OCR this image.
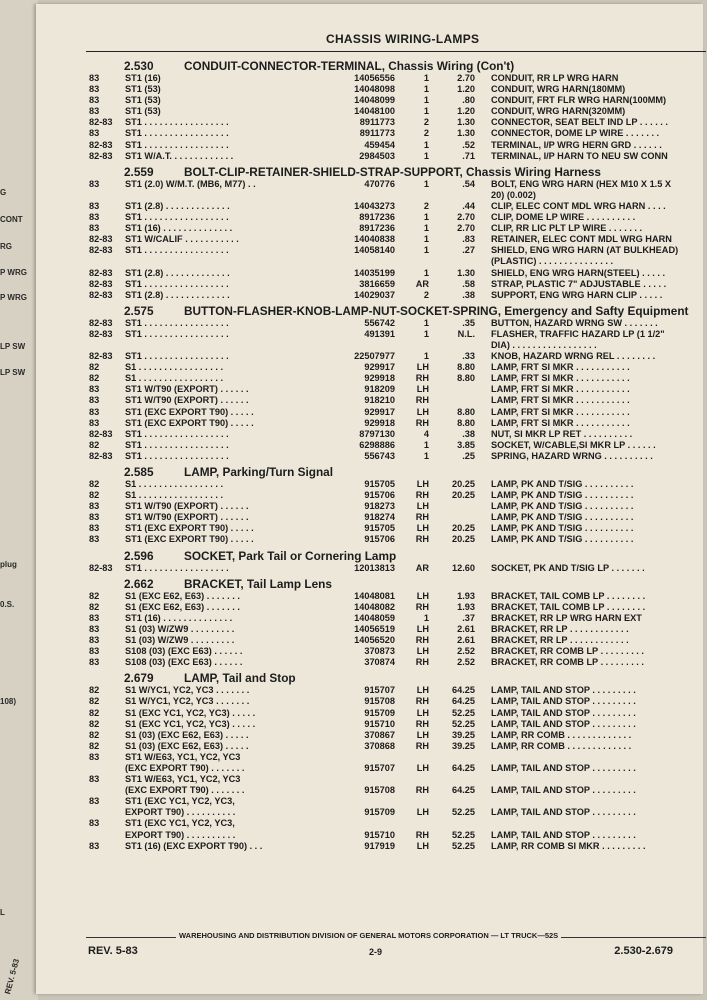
G
CONT
RG
P WRG
P WRG
LP SW
LP SW
plug
0.S.
108)
L
REV. 5-83
CHASSIS WIRING-LAMPS
2.530	CONDUIT-CONNECTOR-TERMINAL, Chassis Wiring (Con't)
83	ST1 (16)	14056556	1	2.70	CONDUIT, RR LP WRG HARN
83	ST1 (53)	14048098	1	1.20	CONDUIT, WRG HARN(180MM)
83	ST1 (53)	14048099	1	.80	CONDUIT, FRT FLR WRG HARN(100MM)
83	ST1 (53)	14048100	1	1.20	CONDUIT, WRG HARN(320MM)
82-83	ST1 . . . . . . . . . . . . . . . . .	8911773	2	1.30	CONNECTOR, SEAT BELT IND LP . . . . . .
83	ST1 . . . . . . . . . . . . . . . . .	8911773	2	1.30	CONNECTOR, DOME LP WIRE . . . . . . .
82-83	ST1 . . . . . . . . . . . . . . . . .	459454	1	.52	TERMINAL, I/P WRG HERN GRD . . . . . .
82-83	ST1 W/A.T. . . . . . . . . . . . .	2984503	1	.71	TERMINAL, I/P HARN TO NEU SW CONN
2.559	BOLT-CLIP-RETAINER-SHIELD-STRAP-SUPPORT, Chassis Wiring Harness
83	ST1 (2.0) W/M.T. (MB6, M77) . .	470776	1	.54	BOLT, ENG WRG HARN (HEX M10 X 1.5 X
20) (0.002)
83	ST1 (2.8) . . . . . . . . . . . . .	14043273	2	.44	CLIP, ELEC CONT MDL WRG HARN . . . .
83	ST1 . . . . . . . . . . . . . . . . .	8917236	1	2.70	CLIP, DOME LP WIRE . . . . . . . . . .
83	ST1 (16) . . . . . . . . . . . . . .	8917236	1	2.70	CLIP, RR LIC PLT LP WIRE . . . . . . .
82-83	ST1 W/CALIF . . . . . . . . . . .	14040838	1	.83	RETAINER, ELEC CONT MDL WRG HARN
82-83	ST1 . . . . . . . . . . . . . . . . .	14058140	1	.27	SHIELD, ENG WRG HARN (AT BULKHEAD)
(PLASTIC) . . . . . . . . . . . . . . .
82-83	ST1 (2.8) . . . . . . . . . . . . .	14035199	1	1.30	SHIELD, ENG WRG HARN(STEEL) . . . . .
82-83	ST1 . . . . . . . . . . . . . . . . .	3816659	AR	.58	STRAP, PLASTIC 7" ADJUSTABLE . . . . .
82-83	ST1 (2.8) . . . . . . . . . . . . .	14029037	2	.38	SUPPORT, ENG WRG HARN CLIP . . . . .
2.575	BUTTON-FLASHER-KNOB-LAMP-NUT-SOCKET-SPRING, Emergency and Safty Equipment
82-83	ST1 . . . . . . . . . . . . . . . . .	556742	1	.35	BUTTON, HAZARD WRNG SW . . . . . . .
82-83	ST1 . . . . . . . . . . . . . . . . .	491391	1	N.L.	FLASHER, TRAFFIC HAZARD LP (1 1/2"
DIA) . . . . . . . . . . . . . . . . .
82-83	ST1 . . . . . . . . . . . . . . . . .	22507977	1	.33	KNOB, HAZARD WRNG REL . . . . . . . .
82	S1 . . . . . . . . . . . . . . . . .	929917	LH	8.80	LAMP, FRT SI MKR . . . . . . . . . . .
82	S1 . . . . . . . . . . . . . . . . .	929918	RH	8.80	LAMP, FRT SI MKR . . . . . . . . . . .
83	ST1 W/T90 (EXPORT) . . . . . .	918209	LH	LAMP, FRT SI MKR . . . . . . . . . . .
83	ST1 W/T90 (EXPORT) . . . . . .	918210	RH	LAMP, FRT SI MKR . . . . . . . . . . .
83	ST1 (EXC EXPORT T90) . . . . .	929917	LH	8.80	LAMP, FRT SI MKR . . . . . . . . . . .
83	ST1 (EXC EXPORT T90) . . . . .	929918	RH	8.80	LAMP, FRT SI MKR . . . . . . . . . . .
82-83	ST1 . . . . . . . . . . . . . . . . .	8797130	4	.38	NUT, SI MKR LP RET . . . . . . . . . .
82	ST1 . . . . . . . . . . . . . . . . .	6298886	1	3.85	SOCKET, W/CABLE,SI MKR LP . . . . . .
82-83	ST1 . . . . . . . . . . . . . . . . .	556743	1	.25	SPRING, HAZARD WRNG . . . . . . . . . .
2.585	LAMP, Parking/Turn Signal
82	S1 . . . . . . . . . . . . . . . . .	915705	LH	20.25	LAMP, PK AND T/SIG . . . . . . . . . .
82	S1 . . . . . . . . . . . . . . . . .	915706	RH	20.25	LAMP, PK AND T/SIG . . . . . . . . . .
83	ST1 W/T90 (EXPORT) . . . . . .	918273	LH	LAMP, PK AND T/SIG . . . . . . . . . .
83	ST1 W/T90 (EXPORT) . . . . . .	918274	RH	LAMP, PK AND T/SIG . . . . . . . . . .
83	ST1 (EXC EXPORT T90) . . . . .	915705	LH	20.25	LAMP, PK AND T/SIG . . . . . . . . . .
83	ST1 (EXC EXPORT T90) . . . . .	915706	RH	20.25	LAMP, PK AND T/SIG . . . . . . . . . .
2.596	SOCKET, Park Tail or Cornering Lamp
82-83	ST1 . . . . . . . . . . . . . . . . .	12013813	AR	12.60	SOCKET, PK AND T/SIG LP . . . . . . .
2.662	BRACKET, Tail Lamp Lens
82	S1 (EXC E62, E63) . . . . . . .	14048081	LH	1.93	BRACKET, TAIL COMB LP . . . . . . . .
82	S1 (EXC E62, E63) . . . . . . .	14048082	RH	1.93	BRACKET, TAIL COMB LP . . . . . . . .
83	ST1 (16) . . . . . . . . . . . . . .	14048059	1	.37	BRACKET, RR LP WRG HARN EXT
83	S1 (03) W/ZW9 . . . . . . . . .	14056519	LH	2.61	BRACKET, RR LP . . . . . . . . . . . .
83	S1 (03) W/ZW9 . . . . . . . . .	14056520	RH	2.61	BRACKET, RR LP . . . . . . . . . . . .
83	S108 (03) (EXC E63) . . . . . .	370873	LH	2.52	BRACKET, RR COMB LP . . . . . . . . .
83	S108 (03) (EXC E63) . . . . . .	370874	RH	2.52	BRACKET, RR COMB LP . . . . . . . . .
2.679	LAMP, Tail and Stop
82	S1 W/YC1, YC2, YC3 . . . . . . .	915707	LH	64.25	LAMP, TAIL AND STOP . . . . . . . . .
82	S1 W/YC1, YC2, YC3 . . . . . . .	915708	RH	64.25	LAMP, TAIL AND STOP . . . . . . . . .
82	S1 (EXC YC1, YC2, YC3) . . . . .	915709	LH	52.25	LAMP, TAIL AND STOP . . . . . . . . .
82	S1 (EXC YC1, YC2, YC3) . . . . .	915710	RH	52.25	LAMP, TAIL AND STOP . . . . . . . . .
82	S1 (03) (EXC E62, E63) . . . . .	370867	LH	39.25	LAMP, RR COMB . . . . . . . . . . . . .
82	S1 (03) (EXC E62, E63) . . . . .	370868	RH	39.25	LAMP, RR COMB . . . . . . . . . . . . .
83	ST1 W/E63, YC1, YC2, YC3
(EXC EXPORT T90) . . . . . . .	915707	LH	64.25	LAMP, TAIL AND STOP . . . . . . . . .
83	ST1 W/E63, YC1, YC2, YC3
(EXC EXPORT T90) . . . . . . .	915708	RH	64.25	LAMP, TAIL AND STOP . . . . . . . . .
83	ST1 (EXC YC1, YC2, YC3,
EXPORT T90) . . . . . . . . . .	915709	LH	52.25	LAMP, TAIL AND STOP . . . . . . . . .
83	ST1 (EXC YC1, YC2, YC3,
EXPORT T90) . . . . . . . . . .	915710	RH	52.25	LAMP, TAIL AND STOP . . . . . . . . .
83	ST1 (16) (EXC EXPORT T90) . . .	917919	LH	52.25	LAMP, RR COMB SI MKR . . . . . . . . .
WAREHOUSING AND DISTRIBUTION DIVISION OF GENERAL MOTORS CORPORATION — LT TRUCK—52S
REV. 5-83	2-9	2.530-2.679
